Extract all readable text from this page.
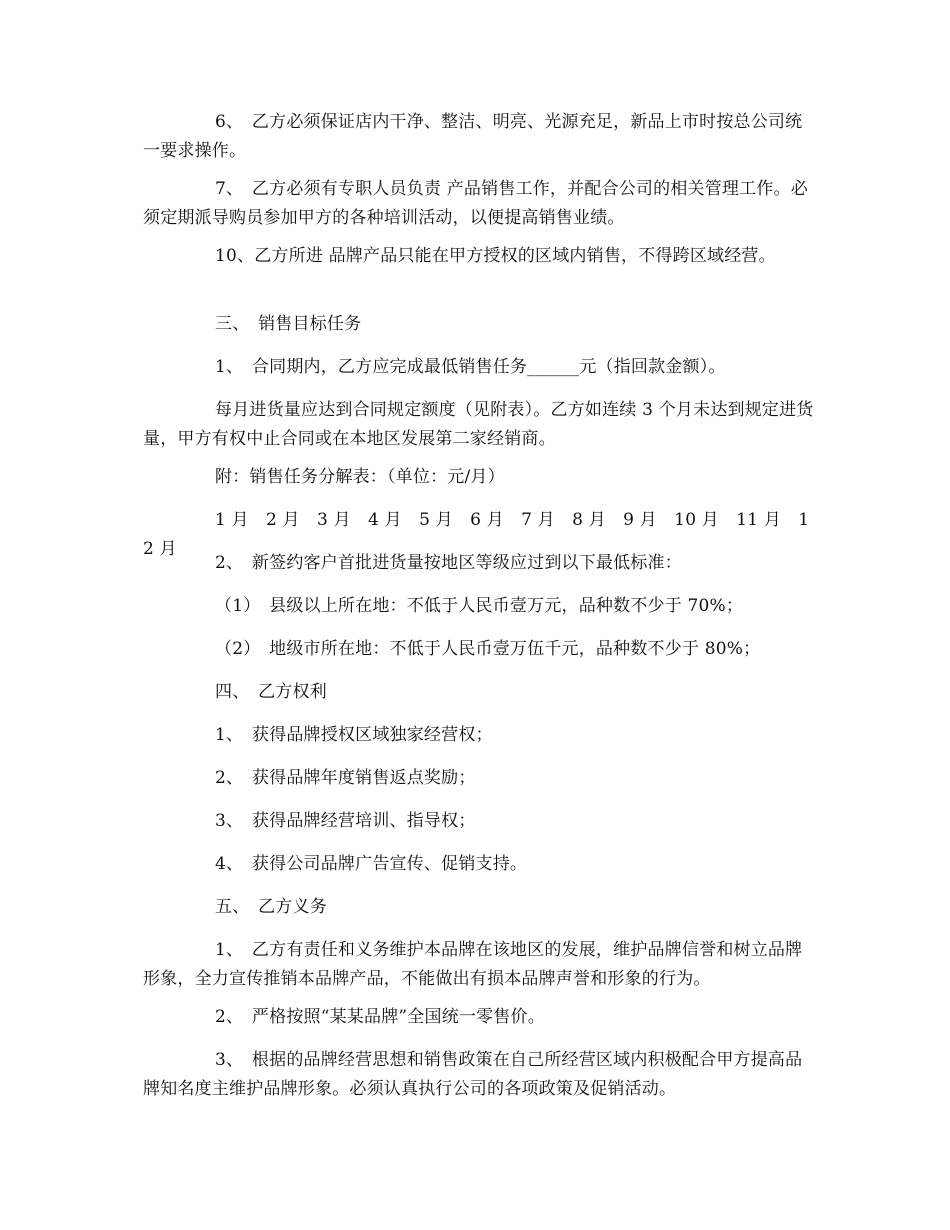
6、　乙方必须保证店内干净、整洁、明亮、光源充足，新品上市时按总公司统一要求操作。

7、　乙方必须有专职人员负责 产品销售工作，并配合公司的相关管理工作。必须定期派导购员参加甲方的各种培训活动，以便提高销售业绩。

10、乙方所进 品牌产品只能在甲方授权的区域内销售，不得跨区域经营。

三、　销售目标任务

1、　合同期内，乙方应完成最低销售任务______元（指回款金额）。

每月进货量应达到合同规定额度（见附表）。乙方如连续 3 个月未达到规定进货量，甲方有权中止合同或在本地区发展第二家经销商。

附：销售任务分解表：（单位：元/月）

1 月　2 月　3 月　4 月　5 月　6 月　7 月　8 月　9 月　10 月　11 月　12 月

2、　新签约客户首批进货量按地区等级应过到以下最低标准：

（1）　县级以上所在地：不低于人民币壹万元，品种数不少于 70%；

（2）　地级市所在地：不低于人民币壹万伍千元，品种数不少于 80%；

四、　乙方权利

1、　获得品牌授权区域独家经营权；

2、　获得品牌年度销售返点奖励；

3、　获得品牌经营培训、指导权；

4、　获得公司品牌广告宣传、促销支持。

五、　乙方义务

1、　乙方有责任和义务维护本品牌在该地区的发展，维护品牌信誉和树立品牌形象，全力宣传推销本品牌产品，不能做出有损本品牌声誉和形象的行为。

2、　严格按照“某某品牌”全国统一零售价。

3、　根据的品牌经营思想和销售政策在自己所经营区域内积极配合甲方提高品牌知名度主维护品牌形象。必须认真执行公司的各项政策及促销活动。
